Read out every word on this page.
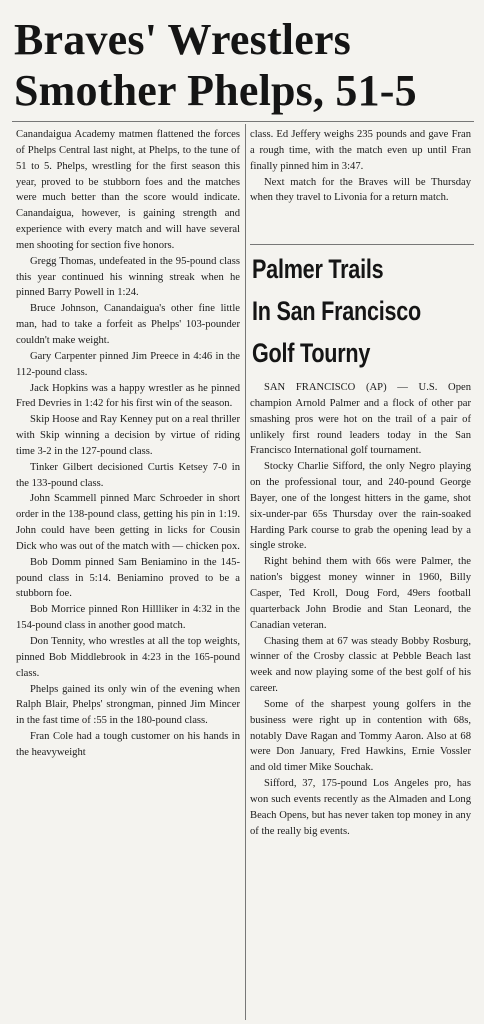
Braves' Wrestlers
Smother Phelps, 51-5

Canandaigua Academy matmen flattened the forces of Phelps Central last night, at Phelps, to the tune of 51 to 5. Phelps, wrestling for the first season this year, proved to be stubborn foes and the matches were much better than the score would indicate. Canandaigua, however, is gaining strength and experience with every match and will have several men shooting for section five honors.

Gregg Thomas, undefeated in the 95-pound class this year continued his winning streak when he pinned Barry Powell in 1:24.

Bruce Johnson, Canandaigua's other fine little man, had to take a forfeit as Phelps' 103-pounder couldn't make weight.

Gary Carpenter pinned Jim Preece in 4:46 in the 112-pound class.

Jack Hopkins was a happy wrestler as he pinned Fred Devries in 1:42 for his first win of the season.

Skip Hoose and Ray Kenney put on a real thriller with Skip winning a decision by virtue of riding time 3-2 in the 127-pound class.

Tinker Gilbert decisioned Curtis Ketsey 7-0 in the 133-pound class.

John Scammell pinned Marc Schroeder in short order in the 138-pound class, getting his pin in 1:19. John could have been getting in licks for Cousin Dick who was out of the match with — chicken pox.

Bob Domm pinned Sam Beniamino in the 145-pound class in 5:14. Beniamino proved to be a stubborn foe.

Bob Morrice pinned Ron Hillliker in 4:32 in the 154-pound class in another good match.

Don Tennity, who wrestles at all the top weights, pinned Bob Middlebrook in 4:23 in the 165-pound class.

Phelps gained its only win of the evening when Ralph Blair, Phelps' strongman, pinned Jim Mincer in the fast time of :55 in the 180-pound class.

Fran Cole had a tough customer on his hands in the heavyweight

class. Ed Jeffery weighs 235 pounds and gave Fran a rough time, with the match even up until Fran finally pinned him in 3:47.

Next match for the Braves will be Thursday when they travel to Livonia for a return match.

Palmer Trails
In San Francisco
Golf Tourny

SAN FRANCISCO (AP) — U.S. Open champion Arnold Palmer and a flock of other par smashing pros were hot on the trail of a pair of unlikely first round leaders today in the San Francisco International golf tournament.

Stocky Charlie Sifford, the only Negro playing on the professional tour, and 240-pound George Bayer, one of the longest hitters in the game, shot six-under-par 65s Thursday over the rain-soaked Harding Park course to grab the opening lead by a single stroke.

Right behind them with 66s were Palmer, the nation's biggest money winner in 1960, Billy Casper, Ted Kroll, Doug Ford, 49ers football quarterback John Brodie and Stan Leonard, the Canadian veteran.

Chasing them at 67 was steady Bobby Rosburg, winner of the Crosby classic at Pebble Beach last week and now playing some of the best golf of his career.

Some of the sharpest young golfers in the business were right up in contention with 68s, notably Dave Ragan and Tommy Aaron. Also at 68 were Don January, Fred Hawkins, Ernie Vossler and old timer Mike Souchak.

Sifford, 37, 175-pound Los Angeles pro, has won such events recently as the Almaden and Long Beach Opens, but has never taken top money in any of the really big events.
